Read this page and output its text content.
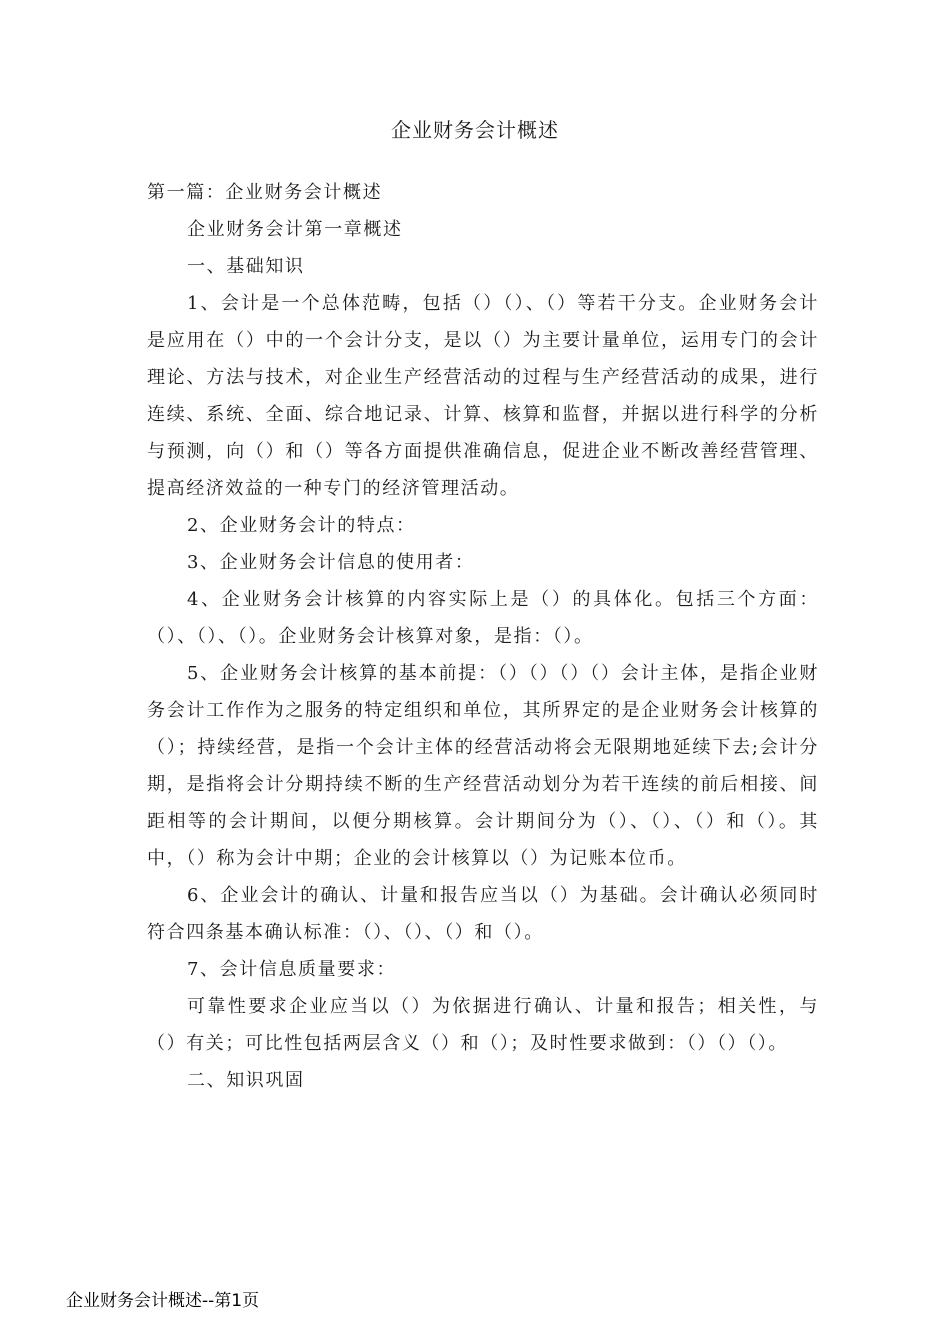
企业财务会计概述

第一篇：企业财务会计概述

企业财务会计第一章概述

一、基础知识

1、会计是一个总体范畴，包括（）（）、（）等若干分支。企业财务会计是应用在（）中的一个会计分支，是以（）为主要计量单位，运用专门的会计理论、方法与技术，对企业生产经营活动的过程与生产经营活动的成果，进行连续、系统、全面、综合地记录、计算、核算和监督，并据以进行科学的分析与预测，向（）和（）等各方面提供准确信息，促进企业不断改善经营管理、提高经济效益的一种专门的经济管理活动。

2、企业财务会计的特点：

3、企业财务会计信息的使用者：

4、企业财务会计核算的内容实际上是（）的具体化。包括三个方面：（）、（）、（）。企业财务会计核算对象，是指：（）。

5、企业财务会计核算的基本前提：（）（）（）（）会计主体，是指企业财务会计工作作为之服务的特定组织和单位，其所界定的是企业财务会计核算的（）；持续经营，是指一个会计主体的经营活动将会无限期地延续下去;会计分期，是指将会计分期持续不断的生产经营活动划分为若干连续的前后相接、间距相等的会计期间，以便分期核算。会计期间分为（）、（）、（）和（）。其中，（）称为会计中期；企业的会计核算以（）为记账本位币。

6、企业会计的确认、计量和报告应当以（）为基础。会计确认必须同时符合四条基本确认标准：（）、（）、（）和（）。

7、会计信息质量要求：

可靠性要求企业应当以（）为依据进行确认、计量和报告；相关性，与（）有关；可比性包括两层含义（）和（）；及时性要求做到：（）（）（）。

二、知识巩固

企业财务会计概述--第1页
